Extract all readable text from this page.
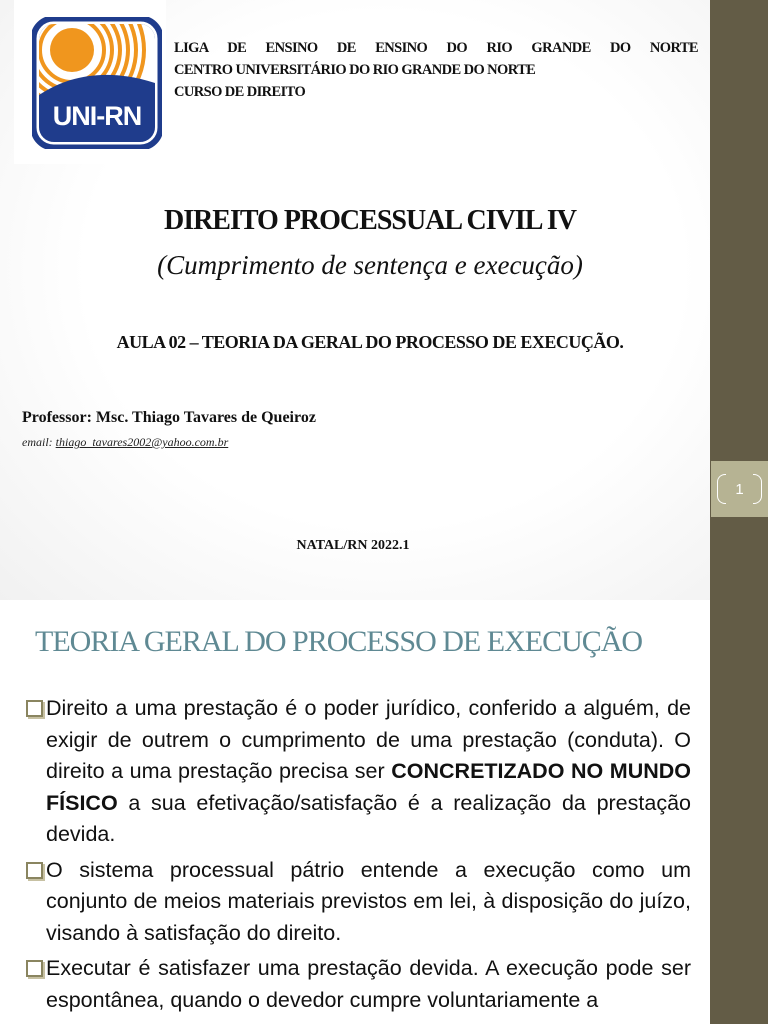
UNI-RN
LIGA DE ENSINO DE ENSINO DO RIO GRANDE DO NORTE
CENTRO UNIVERSITÁRIO DO RIO GRANDE DO NORTE
CURSO DE DIREITO
DIREITO PROCESSUAL CIVIL IV
(Cumprimento de sentença e execução)
AULA 02 – TEORIA DA GERAL DO PROCESSO DE EXECUÇÃO.
Professor: Msc. Thiago Tavares de Queiroz
email: thiago_tavares2002@yahoo.com.br
NATAL/RN 2022.1
1
TEORIA GERAL DO PROCESSO DE EXECUÇÃO
Direito a uma prestação é o poder jurídico, conferido a alguém, de exigir de outrem o cumprimento de uma prestação (conduta). O direito a uma prestação precisa ser CONCRETIZADO NO MUNDO FÍSICO a sua efetivação/satisfação é a realização da prestação devida.
O sistema processual pátrio entende a execução como um conjunto de meios materiais previstos em lei, à disposição do juízo, visando à satisfação do direito.
Executar é satisfazer uma prestação devida. A execução pode ser espontânea, quando o devedor cumpre voluntariamente a
